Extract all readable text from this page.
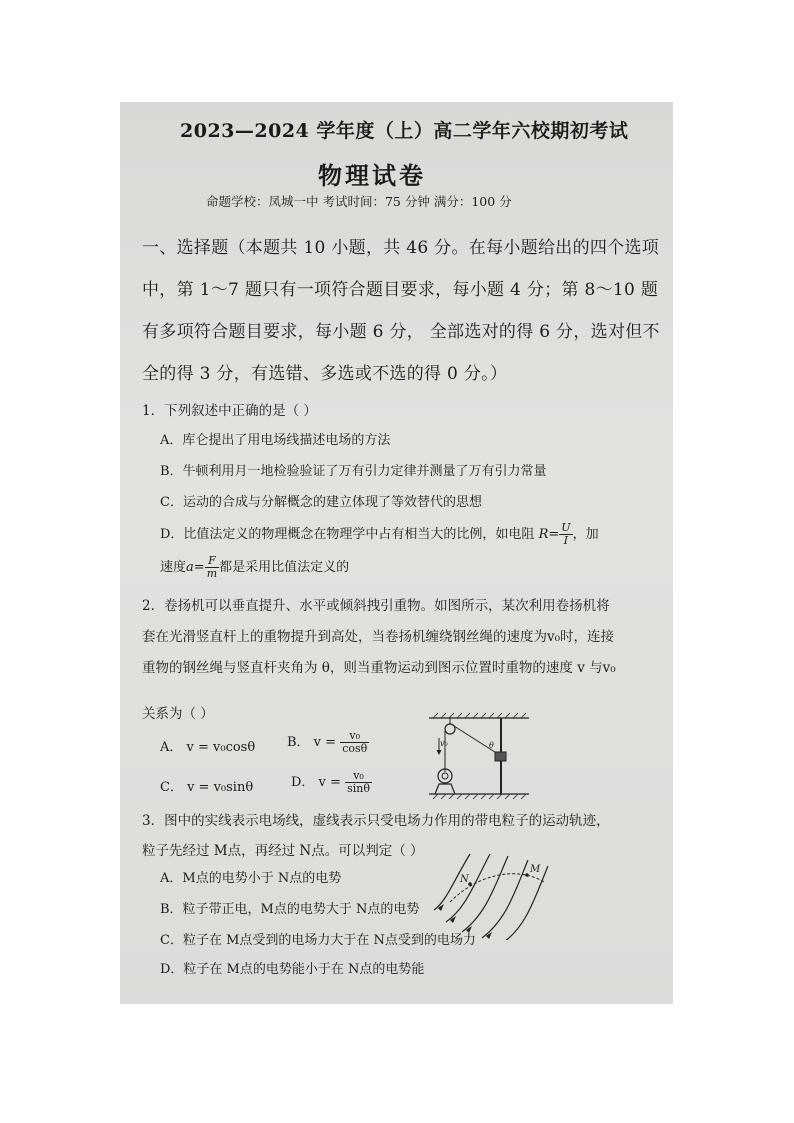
2023—2024 学年度（上）高二学年六校期初考试
物理试卷
命题学校：凤城一中 考试时间：75 分钟 满分：100 分
一、选择题（本题共 10 小题，共 46 分。在每小题给出的四个选项
中，第 1～7 题只有一项符合题目要求，每小题 4 分；第 8～10 题
有多项符合题目要求，每小题 6 分， 全部选对的得 6 分，选对但不
全的得 3 分，有选错、多选或不选的得 0 分。）
1．下列叙述中正确的是（ ）
A．库仑提出了用电场线描述电场的方法
B．牛顿利用月一地检验验证了万有引力定律并测量了万有引力常量
C．运动的合成与分解概念的建立体现了等效替代的思想
D．比值法定义的物理概念在物理学中占有相当大的比例，如电阻 $R= \frac{U}{I}$ ，加
速度$a= \frac{F}{m}$ 都是采用比值法定义的
2．卷扬机可以垂直提升、水平或倾斜拽引重物。如图所示，某次利用卷扬机将
套在光滑竖直杆上的重物提升到高处，当卷扬机缠绕钢丝绳的速度为v₀时，连接
重物的钢丝绳与竖直杆夹角为 θ，则当重物运动到图示位置时重物的速度 v 与v₀
关系为（ ）
A． v = v₀cosθ B． $v = \frac{\text{v₀}}{\cos\theta}$
C． v = v₀sinθ	D． $v = \frac{\text{v₀}}{\sin\theta}$
v₀	θ
3．图中的实线表示电场线，虚线表示只受电场力作用的带电粒子的运动轨迹，
粒子先经过 M点，再经过 N点。可以判定（ ）
A．M点的电势小于 N点的电势
B．粒子带正电，M点的电势大于 N点的电势
C．粒子在 M点受到的电场力大于在 N点受到的电场力
D．粒子在 M点的电势能小于在 N点的电势能
N
M
